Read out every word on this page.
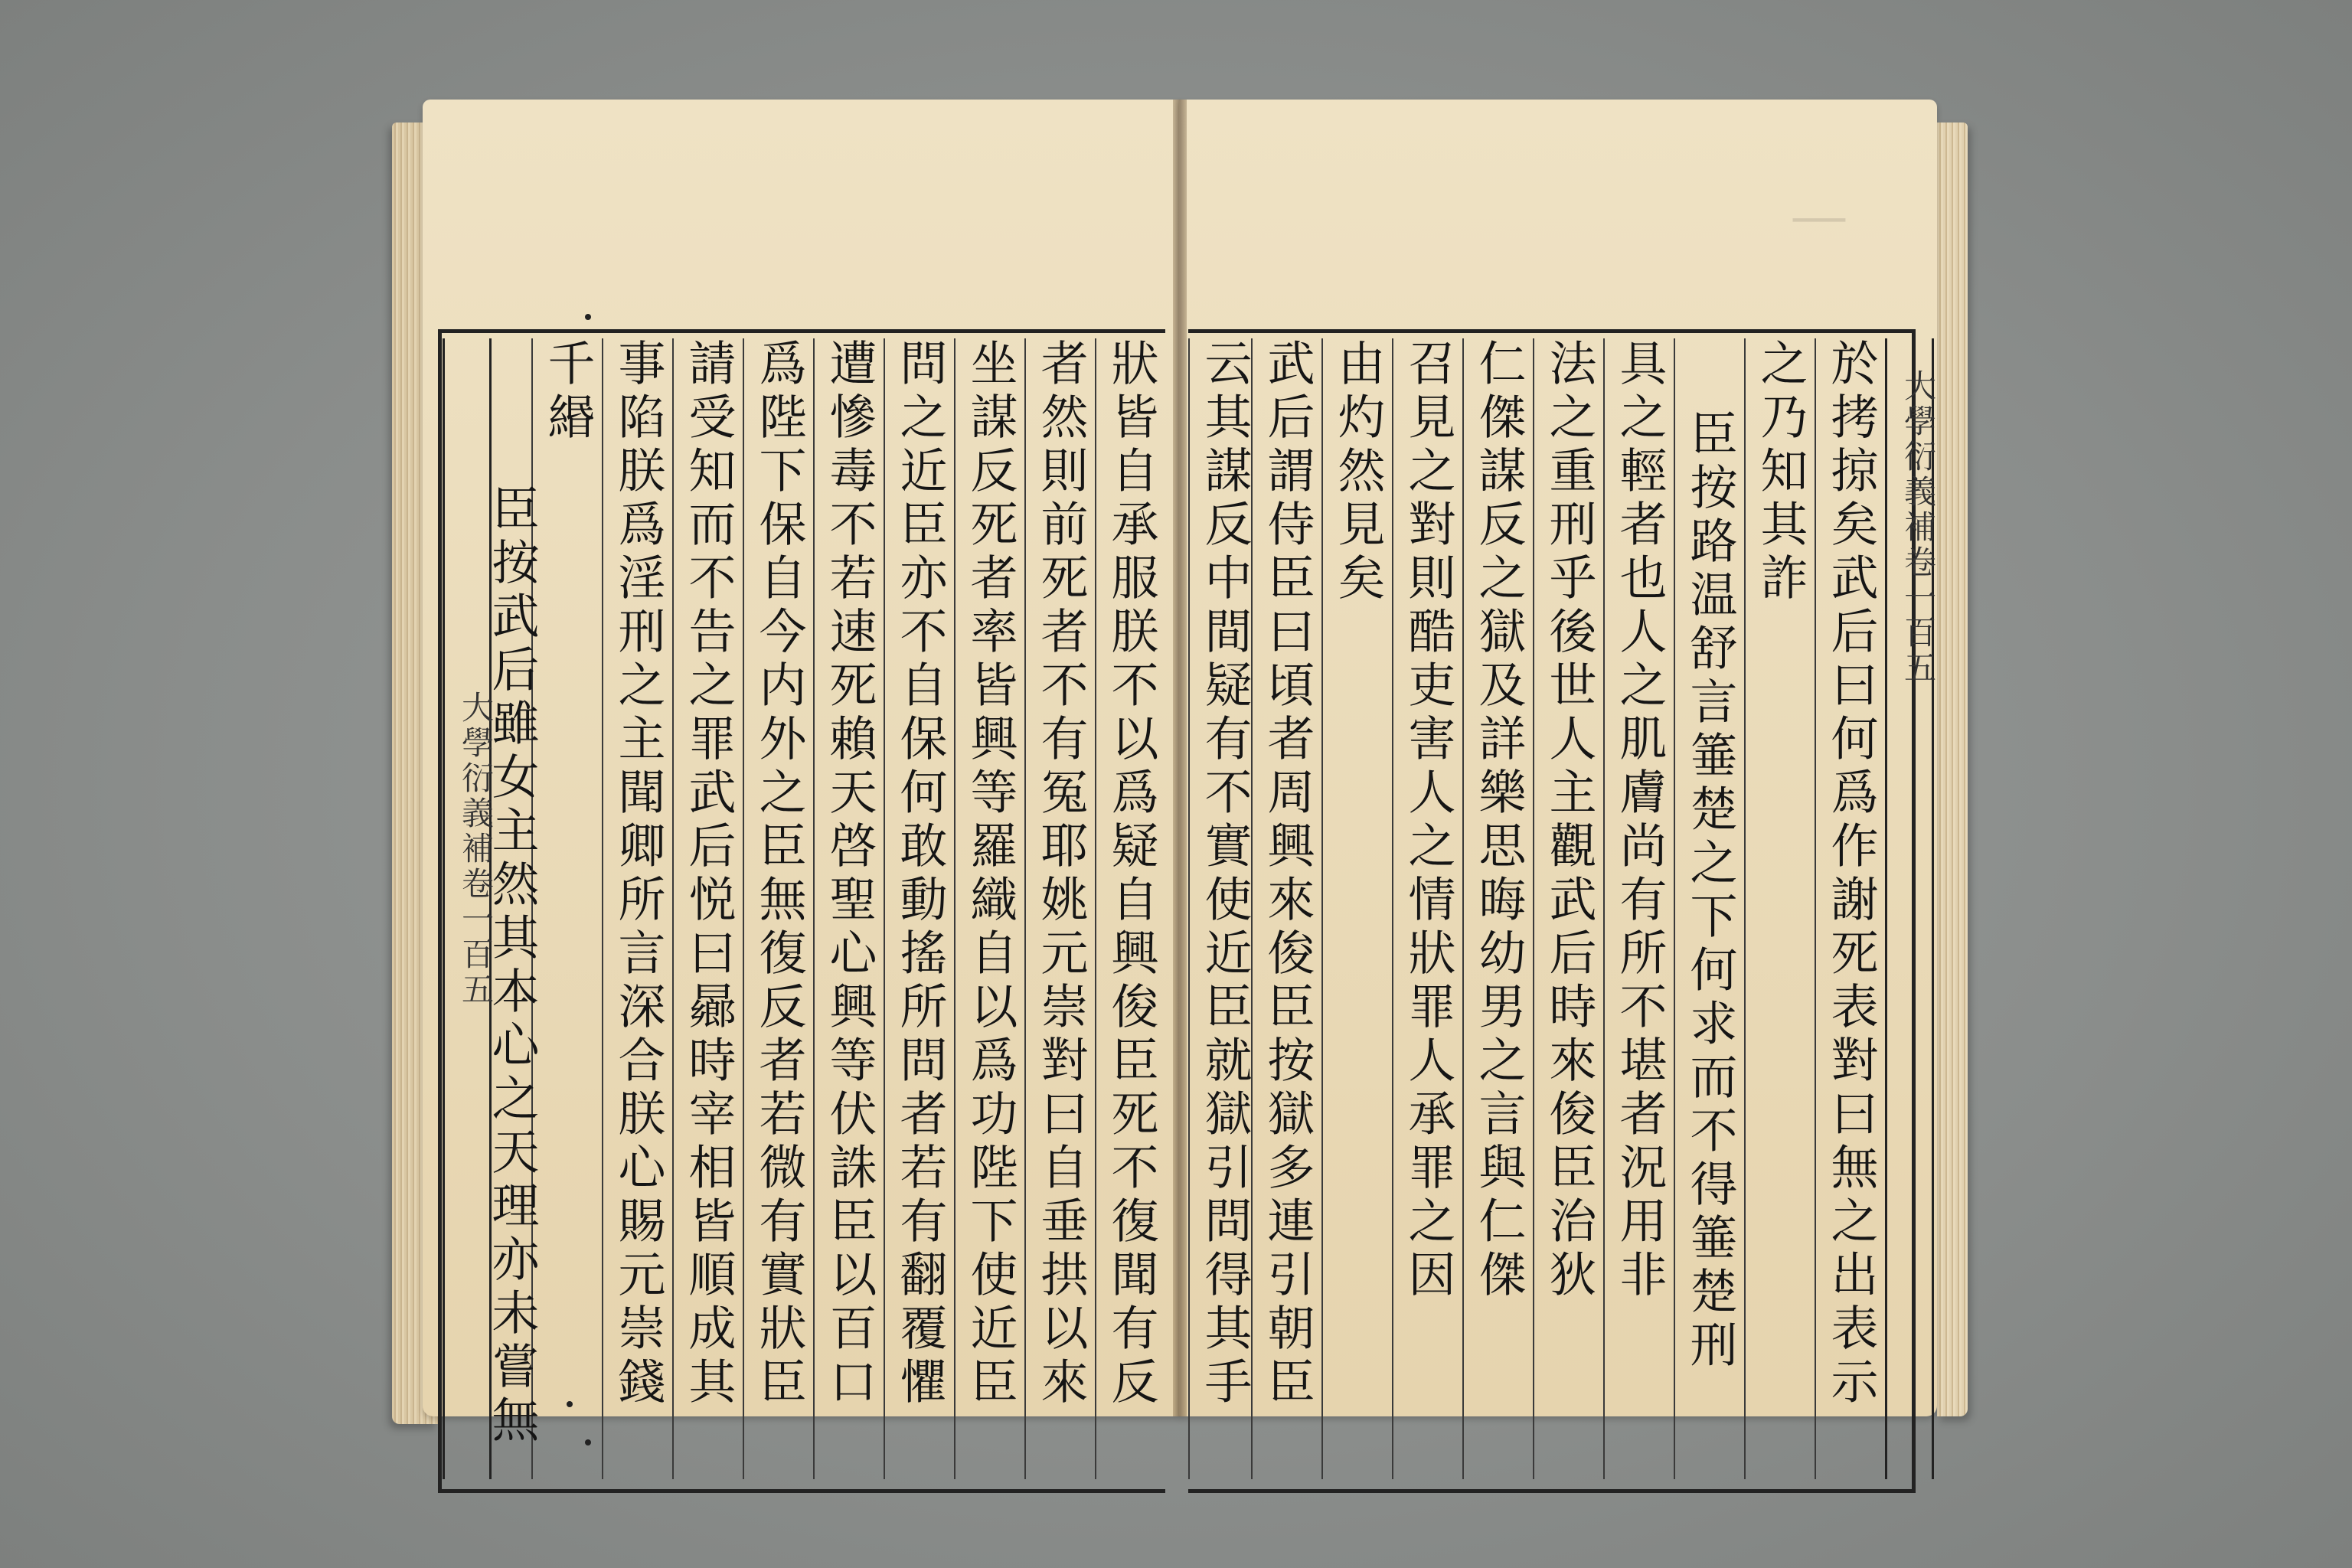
│
大學衍義補卷一百五	狀皆自承服朕不以爲疑自興俊臣死不復聞有反
者然則前死者不有冤耶姚元崇對曰自垂拱以來
坐謀反死者率皆興等羅織自以爲功陛下使近臣
問之近臣亦不自保何敢動搖所問者若有翻覆懼
遭慘毒不若速死賴天啓聖心興等伏誅臣以百口
爲陛下保自今内外之臣無復反者若微有實狀臣
請受知而不告之罪武后悦曰曏時宰相皆順成其
事陷朕爲淫刑之主聞卿所言深合朕心賜元崇錢
千緡
臣按武后雖女主然其本心之天理亦未嘗無	於拷掠矣武后曰何爲作謝死表對曰無之出表示
之乃知其詐
臣按路温舒言箠楚之下何求而不得箠楚刑
具之輕者也人之肌膚尚有所不堪者況用非
法之重刑乎後世人主觀武后時來俊臣治狄
仁傑謀反之獄及詳樂思晦幼男之言與仁傑
召見之對則酷吏害人之情狀罪人承罪之因
由灼然見矣
武后謂侍臣曰頃者周興來俊臣按獄多連引朝臣
云其謀反中間疑有不實使近臣就獄引問得其手	大學衍義補卷一百五
